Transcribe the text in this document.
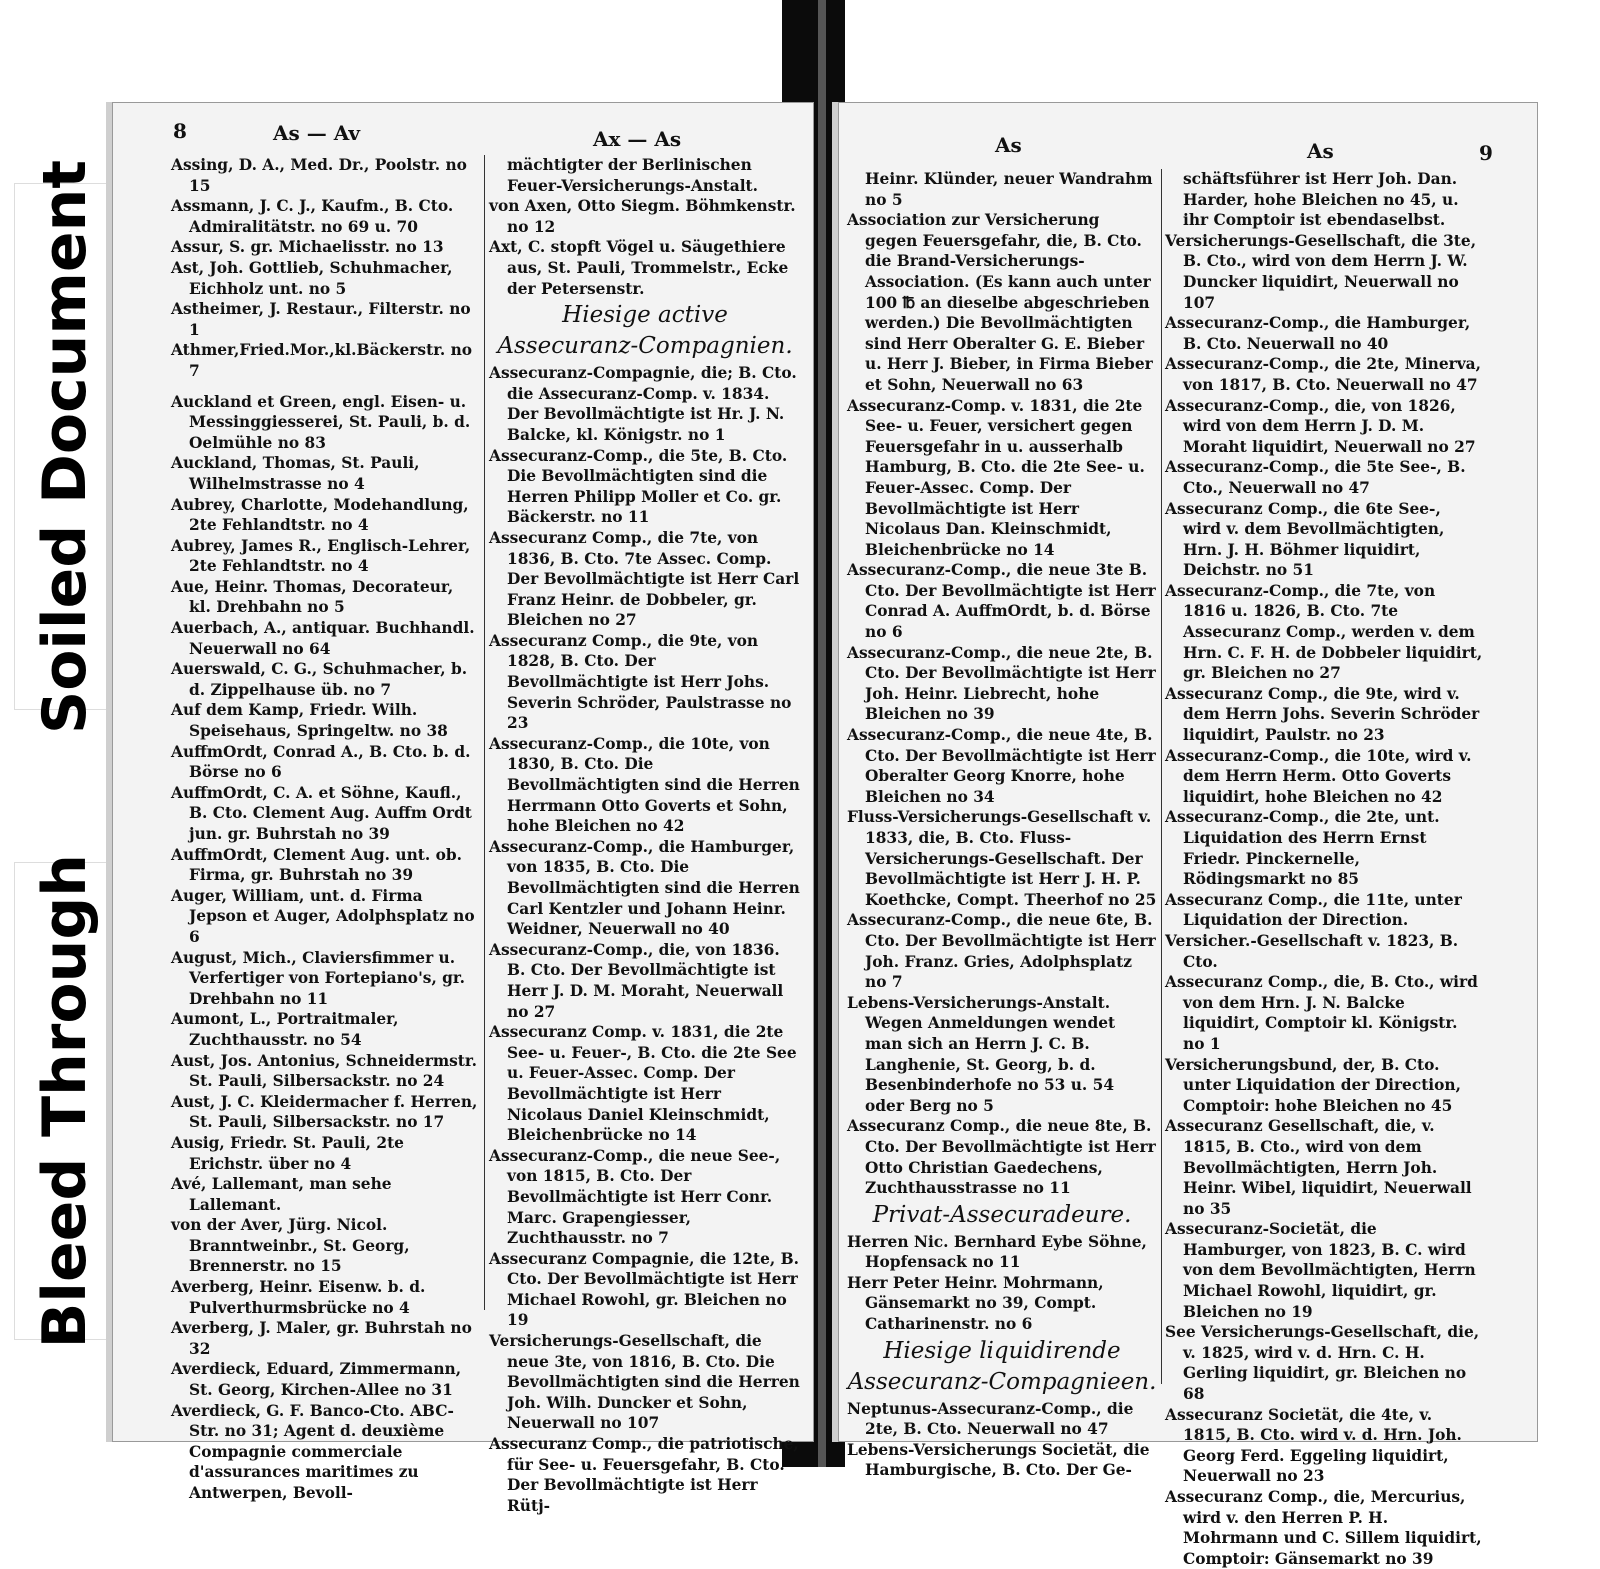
Soiled Document
Bleed Through
8	As — Av	Ax — As
Assing, D. A., Med. Dr., Poolstr. no 15
Assmann, J. C. J., Kaufm., B. Cto. Admiralitätstr. no 69 u. 70
Assur, S. gr. Michaelisstr. no 13
Ast, Joh. Gottlieb, Schuhmacher, Eichholz unt. no 5
Astheimer, J. Restaur., Filterstr. no 1
Athmer,Fried.Mor.,kl.Bäckerstr. no 7
Auckland et Green, engl. Eisen- u. Messinggiesserei, St. Pauli, b. d. Oelmühle no 83
Auckland, Thomas, St. Pauli, Wilhelmstrasse no 4
Aubrey, Charlotte, Modehandlung, 2te Fehlandtstr. no 4
Aubrey, James R., Englisch-Lehrer, 2te Fehlandtstr. no 4
Aue, Heinr. Thomas, Decorateur, kl. Drehbahn no 5
Auerbach, A., antiquar. Buchhandl. Neuerwall no 64
Auerswald, C. G., Schuhmacher, b. d. Zippelhause üb. no 7
Auf dem Kamp, Friedr. Wilh. Speisehaus, Springeltw. no 38
AuffmOrdt, Conrad A., B. Cto. b. d. Börse no 6
AuffmOrdt, C. A. et Söhne, Kaufl., B. Cto. Clement Aug. Auffm Ordt jun. gr. Buhrstah no 39
AuffmOrdt, Clement Aug. unt. ob. Firma, gr. Buhrstah no 39
Auger, William, unt. d. Firma Jepson et Auger, Adolphsplatz no 6
August, Mich., Claviersfimmer u. Verfertiger von Fortepiano's, gr. Drehbahn no 11
Aumont, L., Portraitmaler, Zuchthausstr. no 54
Aust, Jos. Antonius, Schneidermstr. St. Pauli, Silbersackstr. no 24
Aust, J. C. Kleidermacher f. Herren, St. Pauli, Silbersackstr. no 17
Ausig, Friedr. St. Pauli, 2te Erichstr. über no 4
Avé, Lallemant, man sehe Lallemant.
von der Aver, Jürg. Nicol. Branntweinbr., St. Georg, Brennerstr. no 15
Averberg, Heinr. Eisenw. b. d. Pulverthurmsbrücke no 4
Averberg, J. Maler, gr. Buhrstah no 32
Averdieck, Eduard, Zimmermann, St. Georg, Kirchen-Allee no 31
Averdieck, G. F. Banco-Cto. ABC-Str. no 31; Agent d. deuxième Compagnie commerciale d'assurances maritimes zu Antwerpen, Bevoll-
mächtigter der Berlinischen Feuer-Versicherungs-Anstalt.
von Axen, Otto Siegm. Böhmkenstr. no 12
Axt, C. stopft Vögel u. Säugethiere aus, St. Pauli, Trommelstr., Ecke der Petersenstr.
Hiesige active
Assecuranz-Compagnien.
Assecuranz-Compagnie, die; B. Cto. die Assecuranz-Comp. v. 1834. Der Bevollmächtigte ist Hr. J. N. Balcke, kl. Königstr. no 1
Assecuranz-Comp., die 5te, B. Cto. Die Bevollmächtigten sind die Herren Philipp Moller et Co. gr. Bäckerstr. no 11
Assecuranz Comp., die 7te, von 1836, B. Cto. 7te Assec. Comp. Der Bevollmächtigte ist Herr Carl Franz Heinr. de Dobbeler, gr. Bleichen no 27
Assecuranz Comp., die 9te, von 1828, B. Cto. Der Bevollmächtigte ist Herr Johs. Severin Schröder, Paulstrasse no 23
Assecuranz-Comp., die 10te, von 1830, B. Cto. Die Bevollmächtigten sind die Herren Herrmann Otto Goverts et Sohn, hohe Bleichen no 42
Assecuranz-Comp., die Hamburger, von 1835, B. Cto. Die Bevollmächtigten sind die Herren Carl Kentzler und Johann Heinr. Weidner, Neuerwall no 40
Assecuranz-Comp., die, von 1836. B. Cto. Der Bevollmächtigte ist Herr J. D. M. Moraht, Neuerwall no 27
Assecuranz Comp. v. 1831, die 2te See- u. Feuer-, B. Cto. die 2te See u. Feuer-Assec. Comp. Der Bevollmächtigte ist Herr Nicolaus Daniel Kleinschmidt, Bleichenbrücke no 14
Assecuranz-Comp., die neue See-, von 1815, B. Cto. Der Bevollmächtigte ist Herr Conr. Marc. Grapengiesser, Zuchthausstr. no 7
Assecuranz Compagnie, die 12te, B. Cto. Der Bevollmächtigte ist Herr Michael Rowohl, gr. Bleichen no 19
Versicherungs-Gesellschaft, die neue 3te, von 1816, B. Cto. Die Bevollmächtigten sind die Herren Joh. Wilh. Duncker et Sohn, Neuerwall no 107
Assecuranz Comp., die patriotische, für See- u. Feuersgefahr, B. Cto. Der Bevollmächtigte ist Herr Rütj-
As	As	9
Heinr. Klünder, neuer Wandrahm no 5
Association zur Versicherung gegen Feuersgefahr, die, B. Cto. die Brand-Versicherungs-Association. (Es kann auch unter 100 ℔ an dieselbe abgeschrieben werden.) Die Bevollmächtigten sind Herr Oberalter G. E. Bieber u. Herr J. Bieber, in Firma Bieber et Sohn, Neuerwall no 63
Assecuranz-Comp. v. 1831, die 2te See- u. Feuer, versichert gegen Feuersgefahr in u. ausserhalb Hamburg, B. Cto. die 2te See- u. Feuer-Assec. Comp. Der Bevollmächtigte ist Herr Nicolaus Dan. Kleinschmidt, Bleichenbrücke no 14
Assecuranz-Comp., die neue 3te B. Cto. Der Bevollmächtigte ist Herr Conrad A. AuffmOrdt, b. d. Börse no 6
Assecuranz-Comp., die neue 2te, B. Cto. Der Bevollmächtigte ist Herr Joh. Heinr. Liebrecht, hohe Bleichen no 39
Assecuranz-Comp., die neue 4te, B. Cto. Der Bevollmächtigte ist Herr Oberalter Georg Knorre, hohe Bleichen no 34
Fluss-Versicherungs-Gesellschaft v. 1833, die, B. Cto. Fluss-Versicherungs-Gesellschaft. Der Bevollmächtigte ist Herr J. H. P. Koethcke, Compt. Theerhof no 25
Assecuranz-Comp., die neue 6te, B. Cto. Der Bevollmächtigte ist Herr Joh. Franz. Gries, Adolphsplatz no 7
Lebens-Versicherungs-Anstalt. Wegen Anmeldungen wendet man sich an Herrn J. C. B. Langhenie, St. Georg, b. d. Besenbinderhofe no 53 u. 54 oder Berg no 5
Assecuranz Comp., die neue 8te, B. Cto. Der Bevollmächtigte ist Herr Otto Christian Gaedechens, Zuchthausstrasse no 11
Privat-Assecuradeure.
Herren Nic. Bernhard Eybe Söhne, Hopfensack no 11
Herr Peter Heinr. Mohrmann, Gänsemarkt no 39, Compt. Catharinenstr. no 6
Hiesige liquidirende
Assecuranz-Compagnieen.
Neptunus-Assecuranz-Comp., die 2te, B. Cto. Neuerwall no 47
Lebens-Versicherungs Societät, die Hamburgische, B. Cto. Der Ge-
schäftsführer ist Herr Joh. Dan. Harder, hohe Bleichen no 45, u. ihr Comptoir ist ebendaselbst.
Versicherungs-Gesellschaft, die 3te, B. Cto., wird von dem Herrn J. W. Duncker liquidirt, Neuerwall no 107
Assecuranz-Comp., die Hamburger, B. Cto. Neuerwall no 40
Assecuranz-Comp., die 2te, Minerva, von 1817, B. Cto. Neuerwall no 47
Assecuranz-Comp., die, von 1826, wird von dem Herrn J. D. M. Moraht liquidirt, Neuerwall no 27
Assecuranz-Comp., die 5te See-, B. Cto., Neuerwall no 47
Assecuranz Comp., die 6te See-, wird v. dem Bevollmächtigten, Hrn. J. H. Böhmer liquidirt, Deichstr. no 51
Assecuranz-Comp., die 7te, von 1816 u. 1826, B. Cto. 7te Assecuranz Comp., werden v. dem Hrn. C. F. H. de Dobbeler liquidirt, gr. Bleichen no 27
Assecuranz Comp., die 9te, wird v. dem Herrn Johs. Severin Schröder liquidirt, Paulstr. no 23
Assecuranz-Comp., die 10te, wird v. dem Herrn Herm. Otto Goverts liquidirt, hohe Bleichen no 42
Assecuranz-Comp., die 2te, unt. Liquidation des Herrn Ernst Friedr. Pinckernelle, Rödingsmarkt no 85
Assecuranz Comp., die 11te, unter Liquidation der Direction.
Versicher.-Gesellschaft v. 1823, B. Cto.
Assecuranz Comp., die, B. Cto., wird von dem Hrn. J. N. Balcke liquidirt, Comptoir kl. Königstr. no 1
Versicherungsbund, der, B. Cto. unter Liquidation der Direction, Comptoir: hohe Bleichen no 45
Assecuranz Gesellschaft, die, v. 1815, B. Cto., wird von dem Bevollmächtigten, Herrn Joh. Heinr. Wibel, liquidirt, Neuerwall no 35
Assecuranz-Societät, die Hamburger, von 1823, B. C. wird von dem Bevollmächtigten, Herrn Michael Rowohl, liquidirt, gr. Bleichen no 19
See Versicherungs-Gesellschaft, die, v. 1825, wird v. d. Hrn. C. H. Gerling liquidirt, gr. Bleichen no 68
Assecuranz Societät, die 4te, v. 1815, B. Cto. wird v. d. Hrn. Joh. Georg Ferd. Eggeling liquidirt, Neuerwall no 23
Assecuranz Comp., die, Mercurius, wird v. den Herren P. H. Mohrmann und C. Sillem liquidirt, Comptoir: Gänsemarkt no 39
